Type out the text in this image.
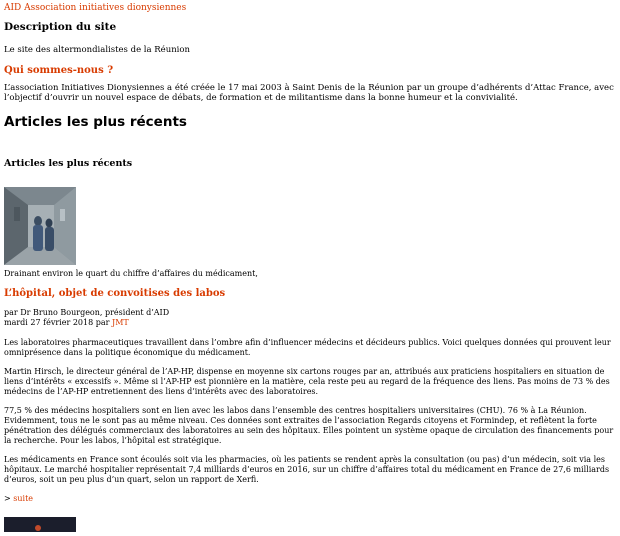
AID Association initiatives dionysiennes
Description du site

Le site des altermondialistes de la Réunion

Qui sommes-nous ?

L’association Initiatives Dionysiennes a été créée le 17 mai 2003 à Saint Denis de la Réunion par un groupe d’adhérents d’Attac France, avec l’objectif d’ouvrir un nouvel espace de débats, de formation et de militantisme dans la bonne humeur et la convivialité.

Articles les plus récents
Articles les plus récents
Drainant environ le quart du chiffre d’affaires du médicament,
L’hôpital, objet de convoitises des labos
par Dr Bruno Bourgeon, président d’AID
mardi 27 février 2018 par JMT

Les laboratoires pharmaceutiques travaillent dans l’ombre afin d’influencer médecins et décideurs publics. Voici quelques données qui prouvent leur omniprésence dans la politique économique du médicament.

Martin Hirsch, le directeur général de l’AP-HP, dispense en moyenne six cartons rouges par an, attribués aux praticiens hospitaliers en situation de liens d’intérêts « excessifs ». Même si l’AP-HP est pionnière en la matière, cela reste peu au regard de la fréquence des liens. Pas moins de 73 % des médecins de l’AP-HP entretiennent des liens d’intérêts avec des laboratoires.

77,5 % des médecins hospitaliers sont en lien avec les labos dans l’ensemble des centres hospitaliers universitaires (CHU). 76 % à La Réunion. Evidemment, tous ne le sont pas au même niveau. Ces données sont extraites de l’association Regards citoyens et Formindep, et reflètent la forte pénétration des délégués commerciaux des laboratoires au sein des hôpitaux. Elles pointent un système opaque de circulation des financements pour la recherche. Pour les labos, l’hôpital est stratégique.

Les médicaments en France sont écoulés soit via les pharmacies, où les patients se rendent après la consultation (ou pas) d’un médecin, soit via les hôpitaux. Le marché hospitalier représentait 7,4 milliards d’euros en 2016, sur un chiffre d’affaires total du médicament en France de 27,6 milliards d’euros, soit un peu plus d’un quart, selon un rapport de Xerfi.

> suite
